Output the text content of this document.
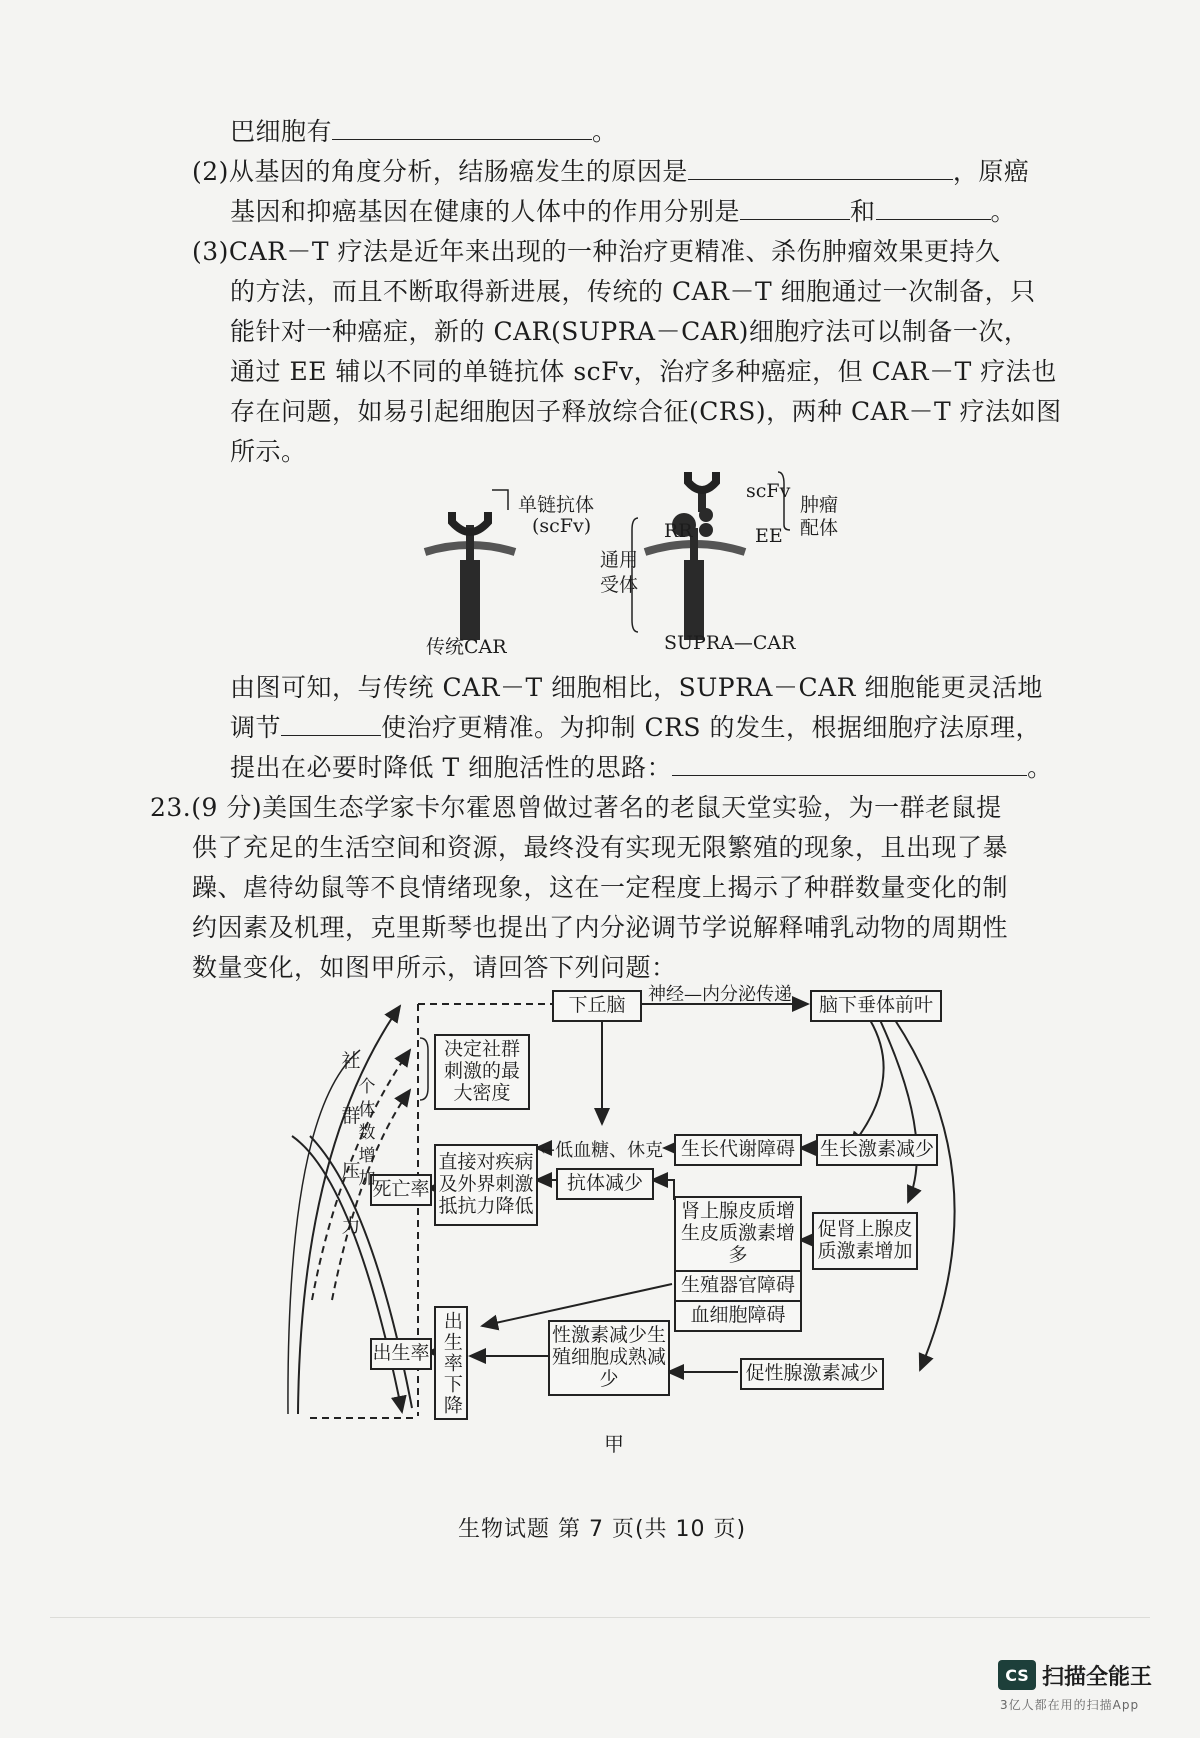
巴细胞有	。
(2)从基因的角度分析，结肠癌发生的原因是	，原癌
基因和抑癌基因在健康的人体中的作用分别是	和	。
(3)CAR－T 疗法是近年来出现的一种治疗更精准、杀伤肿瘤效果更持久
的方法，而且不断取得新进展，传统的 CAR－T 细胞通过一次制备，只
能针对一种癌症，新的 CAR(SUPRA－CAR)细胞疗法可以制备一次，
通过 EE 辅以不同的单链抗体 scFv，治疗多种癌症，但 CAR－T 疗法也
存在问题，如易引起细胞因子释放综合征(CRS)，两种 CAR－T 疗法如图
所示。
单链抗体
(scFv)
传统CAR	SUPRA—CAR
RR	EE
scFv
肿瘤
配体
通用
受体
由图可知，与传统 CAR－T 细胞相比，SUPRA－CAR 细胞能更灵活地
调节	使治疗更精准。为抑制 CRS 的发生，根据细胞疗法原理，
提出在必要时降低 T 细胞活性的思路：	。
23.(9 分)美国生态学家卡尔霍恩曾做过著名的老鼠天堂实验，为一群老鼠提
供了充足的生活空间和资源，最终没有实现无限繁殖的现象，且出现了暴
躁、虐待幼鼠等不良情绪现象，这在一定程度上揭示了种群数量变化的制
约因素及机理，克里斯琴也提出了内分泌调节学说解释哺乳动物的周期性
数量变化，如图甲所示，请回答下列问题：
下丘脑	神经—内分泌传递	脑下垂体前叶
决定社群刺激的最大密度
←低血糖、休克 生长代谢障碍	生长激素减少
直接对疾病及外界刺激抵抗力降低
抗体减少
死亡率
肾上腺皮质增生皮质激素增多
促肾上腺皮质激素增加
生殖器官障碍
血细胞障碍
性激素减少生殖细胞成熟减少	促性腺激素减少
出生率 出生率下降
社群压力
个体数增加
甲
生物试题 第 7 页(共 10 页)
CS 扫描全能王
3亿人都在用的扫描App
